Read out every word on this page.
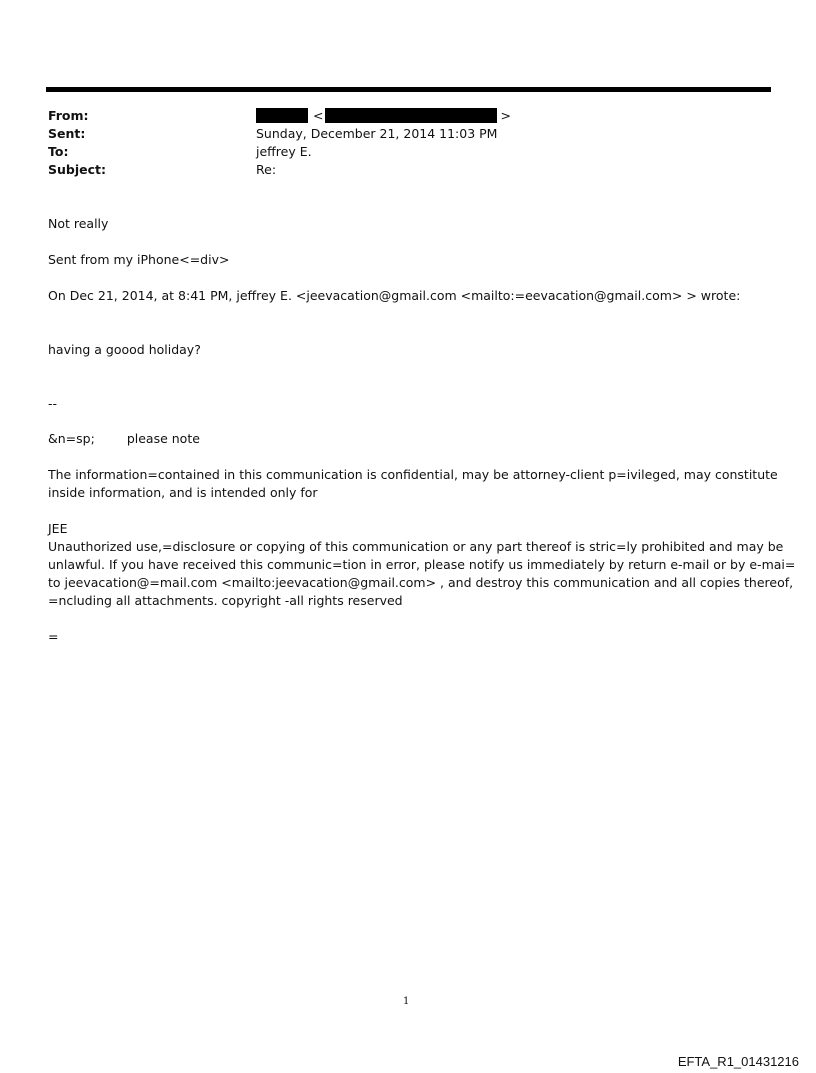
From:	<	>
Sent:	Sunday, December 21, 2014 11:03 PM
To:	jeffrey E.
Subject:	Re:
Not really
Sent from my iPhone<=div>
On Dec 21, 2014, at 8:41 PM, jeffrey E. <jeevacation@gmail.com <mailto:=eevacation@gmail.com> > wrote:
having a goood holiday?
--
&n=sp;	please note
The information=contained in this communication is confidential, may be attorney-client p=ivileged, may constitute
inside information, and is intended only for
JEE
Unauthorized use,=disclosure or copying of this communication or any part thereof is stric=ly prohibited and may be
unlawful. If you have received this communic=tion in error, please notify us immediately by return e-mail or by e-mai=
to jeevacation@=mail.com <mailto:jeevacation@gmail.com> , and destroy this communication and all copies thereof,
=ncluding all attachments. copyright -all rights reserved
=
1
EFTA_R1_01431216
